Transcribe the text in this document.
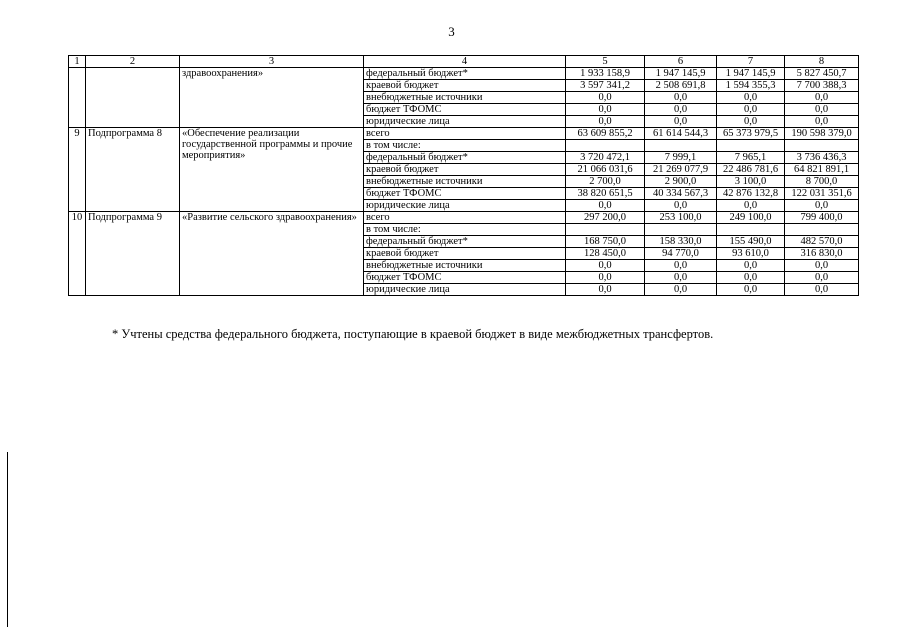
3
1	2	3	4	5	6	7	8
		здравоохранения»	федеральный бюджет*	1 933 158,9	1 947 145,9	1 947 145,9	5 827 450,7
			краевой бюджет	3 597 341,2	2 508 691,8	1 594 355,3	7 700 388,3
			внебюджетные источники	0,0	0,0	0,0	0,0
			бюджет ТФОМС	0,0	0,0	0,0	0,0
			юридические лица	0,0	0,0	0,0	0,0
9	Подпрограмма 8	«Обеспечение реализации государственной программы и прочие мероприятия»	всего	63 609 855,2	61 614 544,3	65 373 979,5	190 598 379,0
			в том числе:				
			федеральный бюджет*	3 720 472,1	7 999,1	7 965,1	3 736 436,3
			краевой бюджет	21 066 031,6	21 269 077,9	22 486 781,6	64 821 891,1
			внебюджетные источники	2 700,0	2 900,0	3 100,0	8 700,0
			бюджет ТФОМС	38 820 651,5	40 334 567,3	42 876 132,8	122 031 351,6
			юридические лица	0,0	0,0	0,0	0,0
10	Подпрограмма 9	«Развитие сельского здравоохранения»	всего	297 200,0	253 100,0	249 100,0	799 400,0
			в том числе:				
			федеральный бюджет*	168 750,0	158 330,0	155 490,0	482 570,0
			краевой бюджет	128 450,0	94 770,0	93 610,0	316 830,0
			внебюджетные источники	0,0	0,0	0,0	0,0
			бюджет ТФОМС	0,0	0,0	0,0	0,0
			юридические лица	0,0	0,0	0,0	0,0
* Учтены средства федерального бюджета, поступающие в краевой бюджет в виде межбюджетных трансфертов.
